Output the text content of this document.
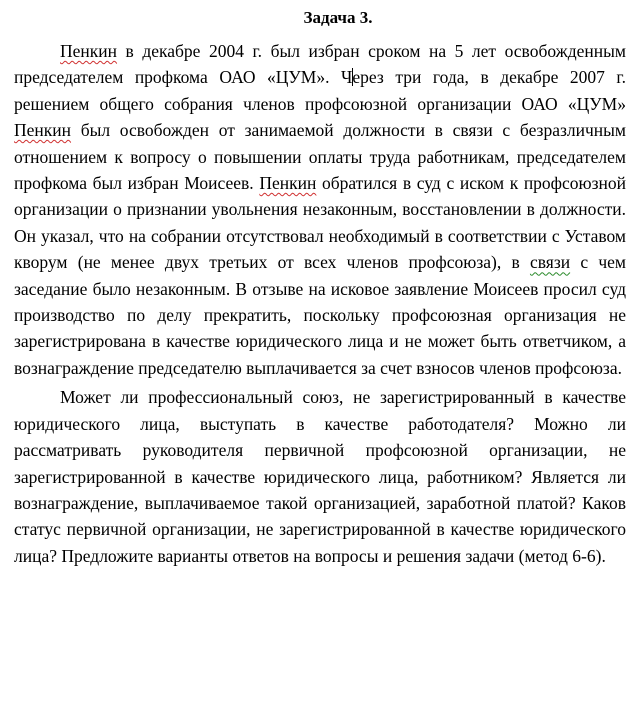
Задача 3.

Пенкин в декабре 2004 г. был избран сроком на 5 лет освобожденным председателем профкома ОАО «ЦУМ». Через три года, в декабре 2007 г. решением общего собрания членов профсоюзной организации ОАО «ЦУМ» Пенкин был освобожден от занимаемой должности в связи с безразличным отношением к вопросу о повышении оплаты труда работникам, председателем профкома был избран Моисеев. Пенкин обратился в суд с иском к профсоюзной организации о признании увольнения незаконным, восстановлении в должности. Он указал, что на собрании отсутствовал необходимый в соответствии с Уставом кворум (не менее двух третьих от всех членов профсоюза), в связи с чем заседание было незаконным. В отзыве на исковое заявление Моисеев просил суд производство по делу прекратить, поскольку профсоюзная организация не зарегистрирована в качестве юридического лица и не может быть ответчиком, а вознаграждение председателю выплачивается за счет взносов членов профсоюза.

Может ли профессиональный союз, не зарегистрированный в качестве юридического лица, выступать в качестве работодателя? Можно ли рассматривать руководителя первичной профсоюзной организации, не зарегистрированной в качестве юридического лица, работником? Является ли вознаграждение, выплачиваемое такой организацией, заработной платой? Каков статус первичной организации, не зарегистрированной в качестве юридического лица? Предложите варианты ответов на вопросы и решения задачи (метод 6-6).
